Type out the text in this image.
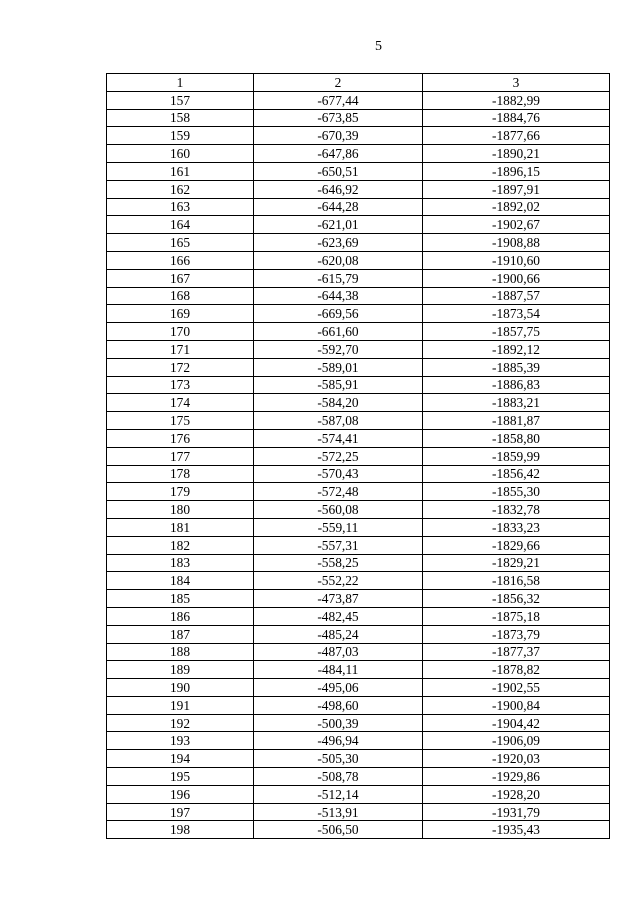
5
1	2	3
157	-677,44	-1882,99
158	-673,85	-1884,76
159	-670,39	-1877,66
160	-647,86	-1890,21
161	-650,51	-1896,15
162	-646,92	-1897,91
163	-644,28	-1892,02
164	-621,01	-1902,67
165	-623,69	-1908,88
166	-620,08	-1910,60
167	-615,79	-1900,66
168	-644,38	-1887,57
169	-669,56	-1873,54
170	-661,60	-1857,75
171	-592,70	-1892,12
172	-589,01	-1885,39
173	-585,91	-1886,83
174	-584,20	-1883,21
175	-587,08	-1881,87
176	-574,41	-1858,80
177	-572,25	-1859,99
178	-570,43	-1856,42
179	-572,48	-1855,30
180	-560,08	-1832,78
181	-559,11	-1833,23
182	-557,31	-1829,66
183	-558,25	-1829,21
184	-552,22	-1816,58
185	-473,87	-1856,32
186	-482,45	-1875,18
187	-485,24	-1873,79
188	-487,03	-1877,37
189	-484,11	-1878,82
190	-495,06	-1902,55
191	-498,60	-1900,84
192	-500,39	-1904,42
193	-496,94	-1906,09
194	-505,30	-1920,03
195	-508,78	-1929,86
196	-512,14	-1928,20
197	-513,91	-1931,79
198	-506,50	-1935,43
